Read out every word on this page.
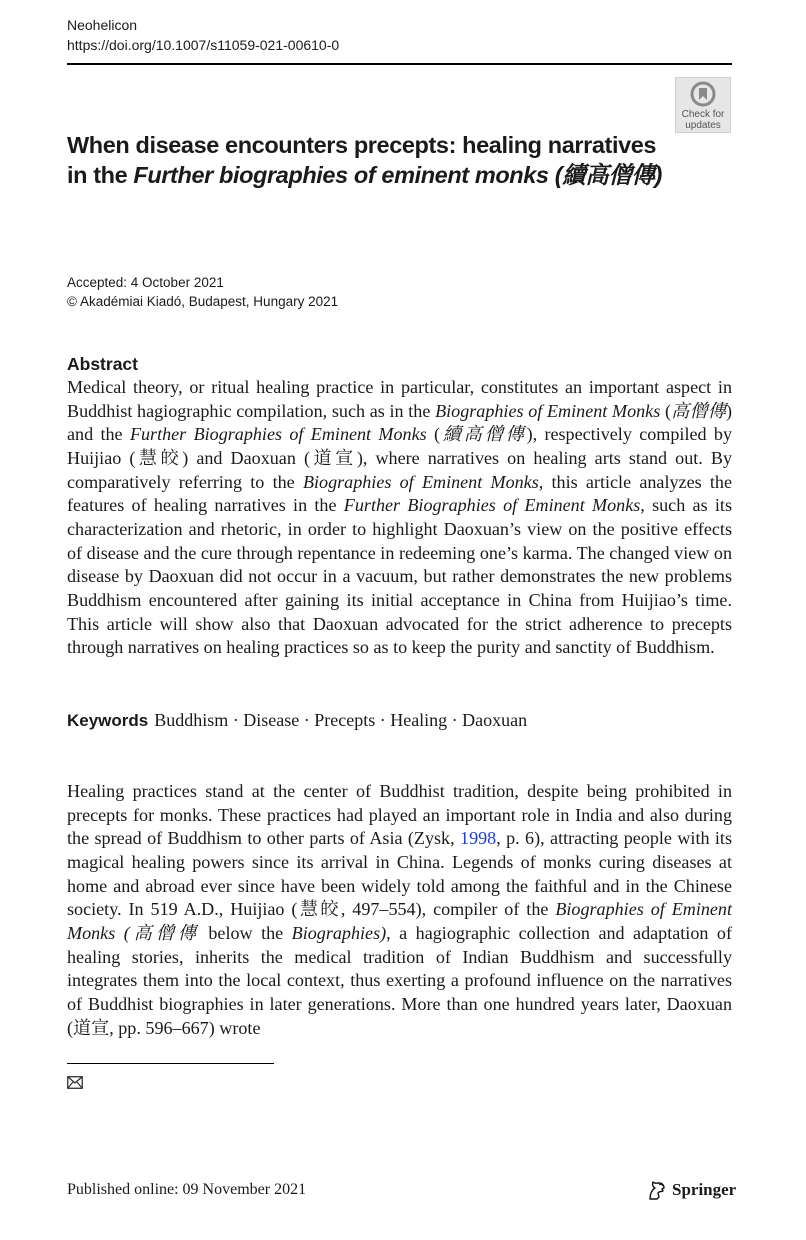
Neohelicon
https://doi.org/10.1007/s11059-021-00610-0
Check for
updates
When disease encounters precepts: healing narratives
in the Further biographies of eminent monks (續高僧傳)
Accepted: 4 October 2021
© Akadémiai Kiadó, Budapest, Hungary 2021
Abstract
Medical theory, or ritual healing practice in particular, constitutes an important aspect in Buddhist hagiographic compilation, such as in the Biographies of Eminent Monks (高僧傳) and the Further Biographies of Eminent Monks (續高僧傳), respectively compiled by Huijiao (慧皎) and Daoxuan (道宣), where narratives on healing arts stand out. By comparatively referring to the Biographies of Eminent Monks, this article analyzes the features of healing narratives in the Further Biographies of Eminent Monks, such as its characterization and rhetoric, in order to highlight Daoxuan’s view on the positive effects of disease and the cure through repentance in redeeming one’s karma. The changed view on disease by Daoxuan did not occur in a vacuum, but rather demonstrates the new problems Buddhism encountered after gaining its initial acceptance in China from Huijiao’s time. This article will show also that Daoxuan advocated for the strict adherence to precepts through narratives on healing practices so as to keep the purity and sanctity of Buddhism.
Keywords Buddhism · Disease · Precepts · Healing · Daoxuan
Healing practices stand at the center of Buddhist tradition, despite being prohibited in precepts for monks. These practices had played an important role in India and also during the spread of Buddhism to other parts of Asia (Zysk, 1998, p. 6), attracting people with its magical healing powers since its arrival in China. Legends of monks curing diseases at home and abroad ever since have been widely told among the faithful and in the Chinese society. In 519 A.D., Huijiao (慧皎, 497–554), compiler of the Biographies of Eminent Monks (高僧傳 below the Biographies), a hagiographic collection and adaptation of healing stories, inherits the medical tradition of Indian Buddhism and successfully integrates them into the local context, thus exerting a profound influence on the narratives of Buddhist biographies in later generations. More than one hundred years later, Daoxuan (道宣, pp. 596–667) wrote
Published online: 09 November 2021	Springer
